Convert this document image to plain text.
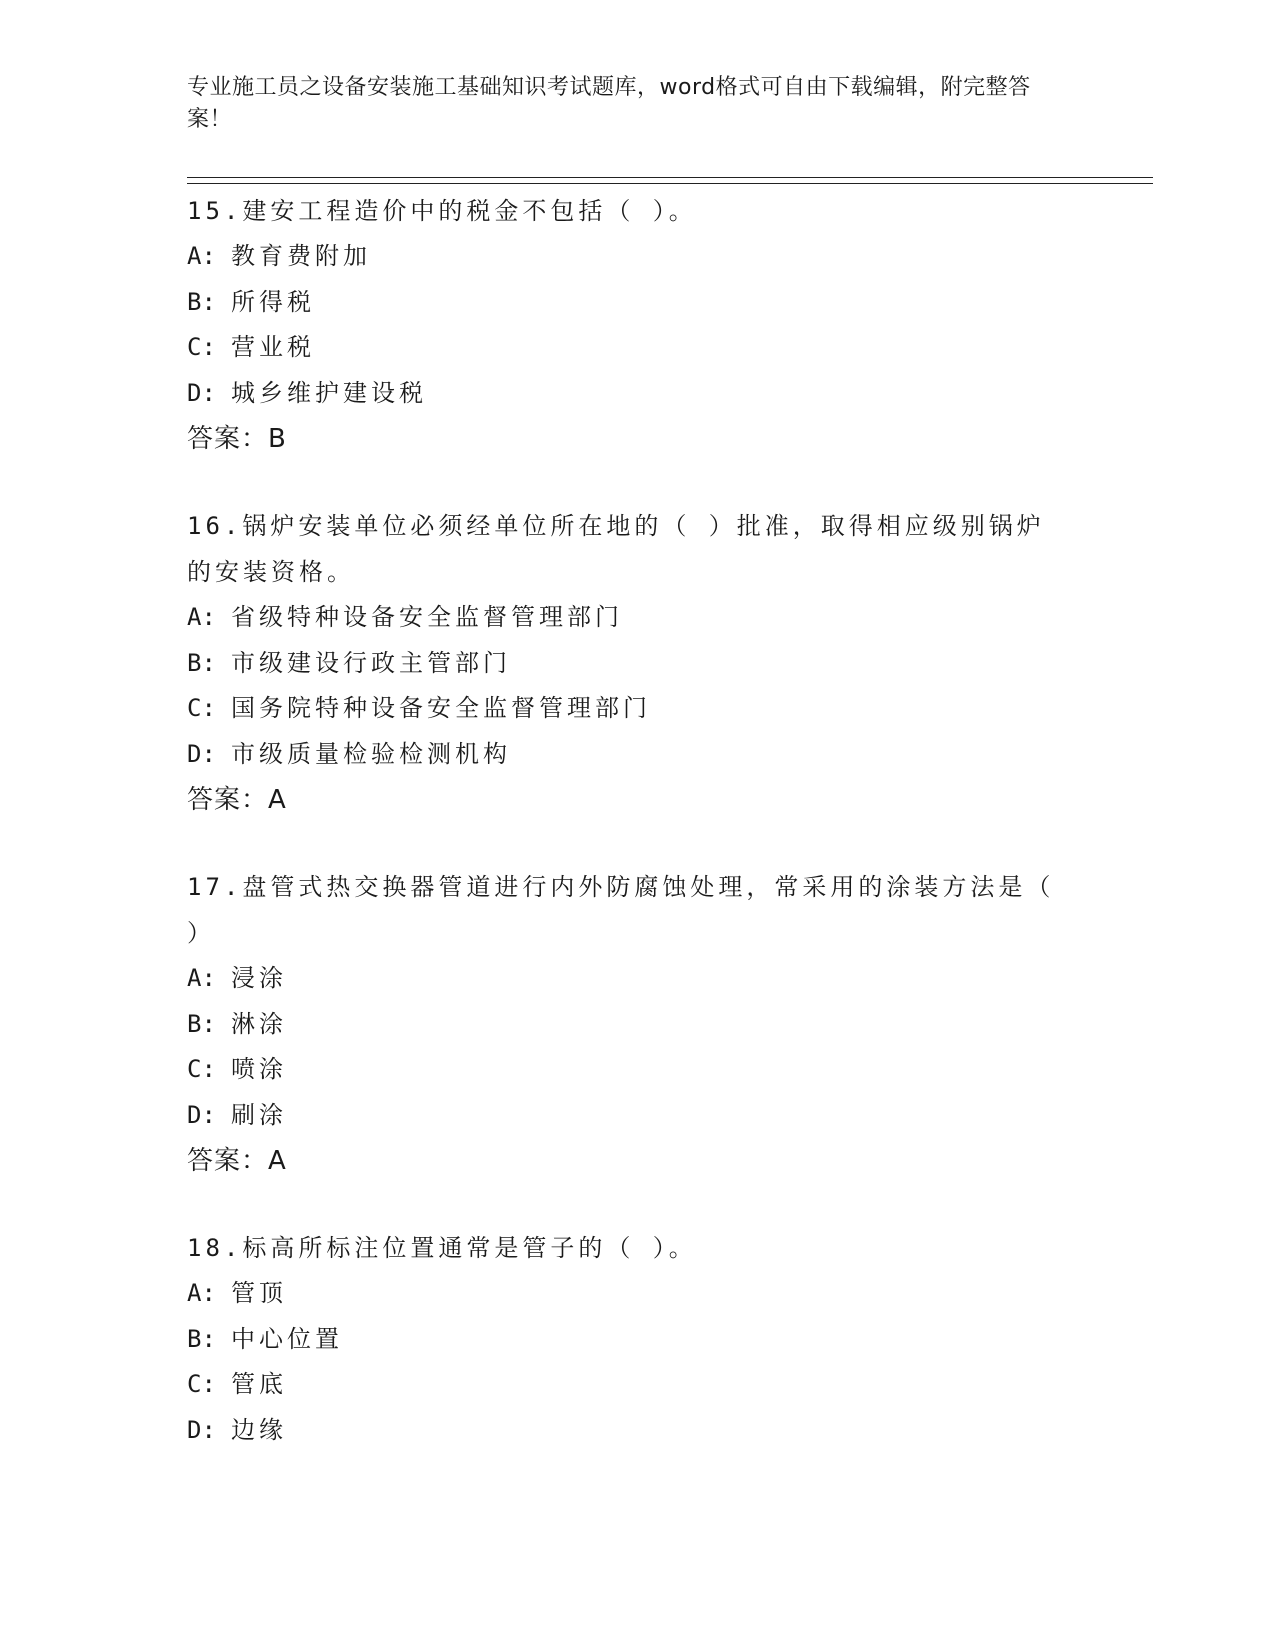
专业施工员之设备安装施工基础知识考试题库，word格式可自由下载编辑，附完整答案！

15.建安工程造价中的税金不包括（ ）。

A: 教育费附加

B: 所得税

C: 营业税

D: 城乡维护建设税

答案：B

16.锅炉安装单位必须经单位所在地的（ ）批准，取得相应级别锅炉的安装资格。

A: 省级特种设备安全监督管理部门

B: 市级建设行政主管部门

C: 国务院特种设备安全监督管理部门

D: 市级质量检验检测机构

答案：A

17.盘管式热交换器管道进行内外防腐蚀处理，常采用的涂装方法是（ ）

A: 浸涂

B: 淋涂

C: 喷涂

D: 刷涂

答案：A

18.标高所标注位置通常是管子的（ ）。

A: 管顶

B: 中心位置

C: 管底

D: 边缘
